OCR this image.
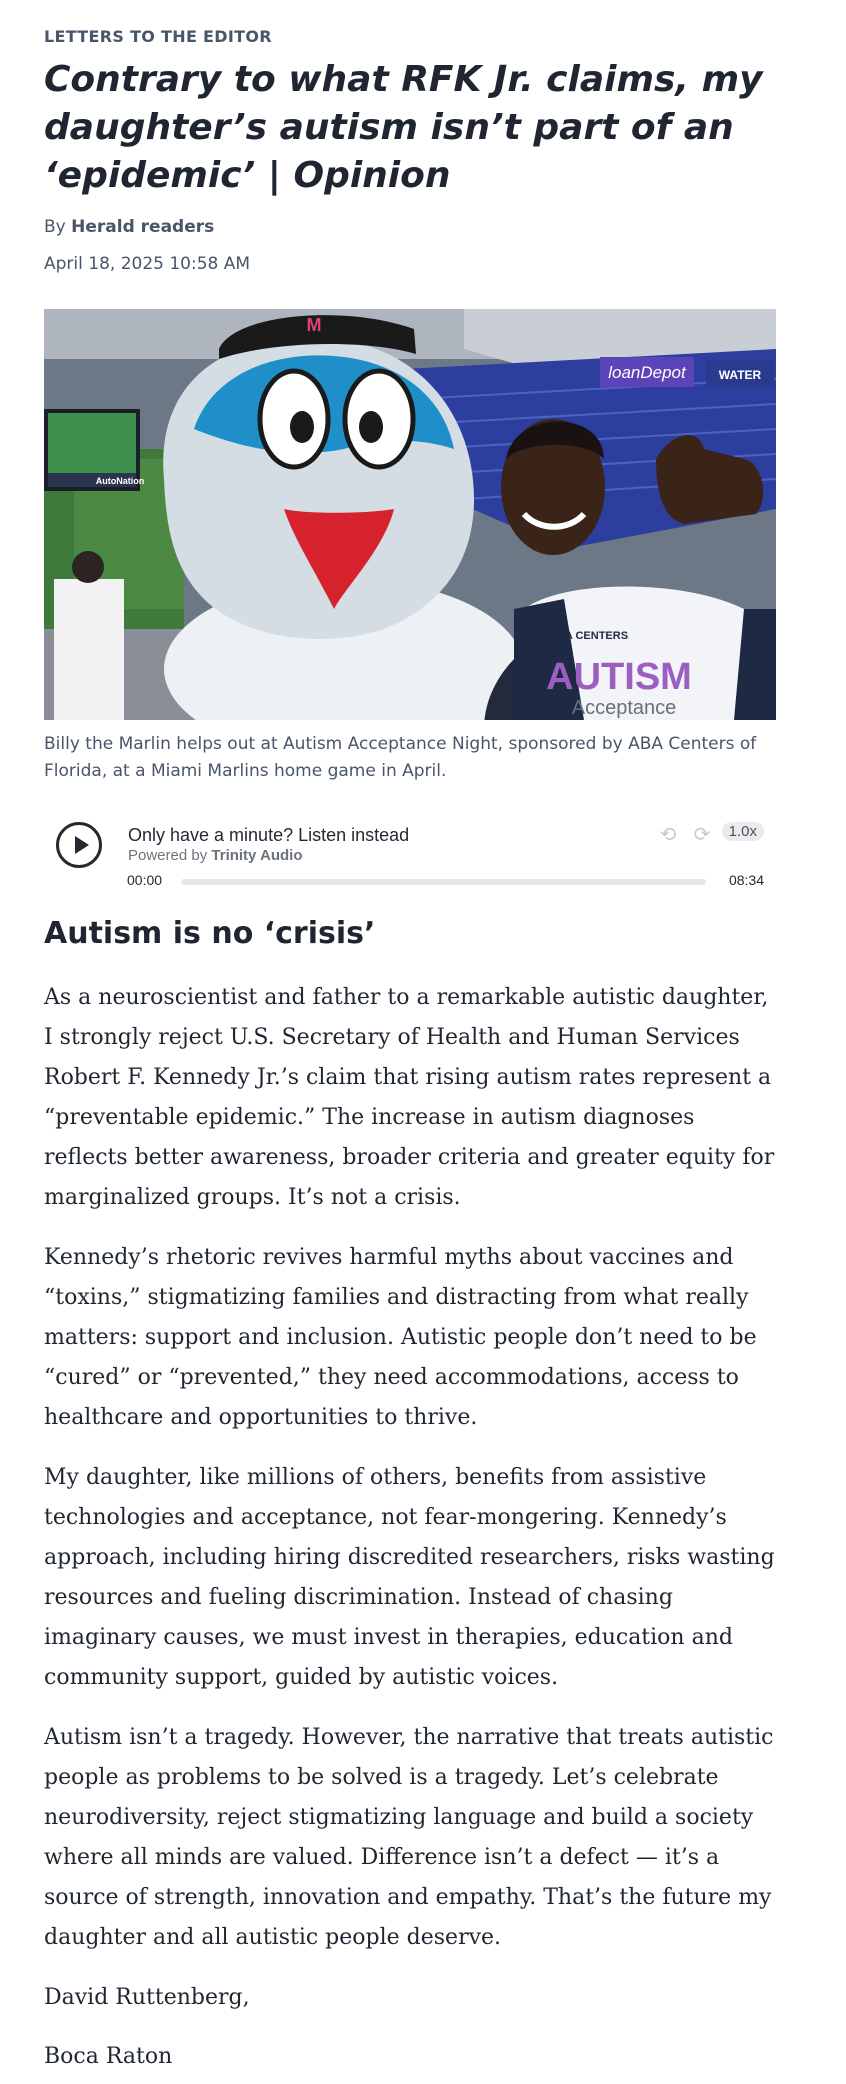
LETTERS TO THE EDITOR
Contrary to what RFK Jr. claims, my daughter’s autism isn’t part of an ‘epidemic’ | Opinion
By Herald readers
April 18, 2025 10:58 AM
loanDepot	WATER
AutoNation
M
ABA CENTERS
AUTISM
Acceptance
Billy the Marlin helps out at Autism Acceptance Night, sponsored by ABA Centers of Florida, at a Miami Marlins home game in April.
Only have a minute? Listen instead
Powered by Trinity Audio
⟲ ⟳	1.0x
00:00	08:34
Autism is no ‘crisis’

As a neuroscientist and father to a remarkable autistic daughter, I strongly reject U.S. Secretary of Health and Human Services Robert F. Kennedy Jr.’s claim that rising autism rates represent a “preventable epidemic.” The increase in autism diagnoses reflects better awareness, broader criteria and greater equity for marginalized groups. It’s not a crisis.

Kennedy’s rhetoric revives harmful myths about vaccines and “toxins,” stigmatizing families and distracting from what really matters: support and inclusion. Autistic people don’t need to be “cured” or “prevented,” they need accommodations, access to healthcare and opportunities to thrive.

My daughter, like millions of others, benefits from assistive technologies and acceptance, not fear-mongering. Kennedy’s approach, including hiring discredited researchers, risks wasting resources and fueling discrimination. Instead of chasing imaginary causes, we must invest in therapies, education and community support, guided by autistic voices.

Autism isn’t a tragedy. However, the narrative that treats autistic people as problems to be solved is a tragedy. Let’s celebrate neurodiversity, reject stigmatizing language and build a society where all minds are valued. Difference isn’t a defect — it’s a source of strength, innovation and empathy. That’s the future my daughter and all autistic people deserve.

David Ruttenberg,

Boca Raton
